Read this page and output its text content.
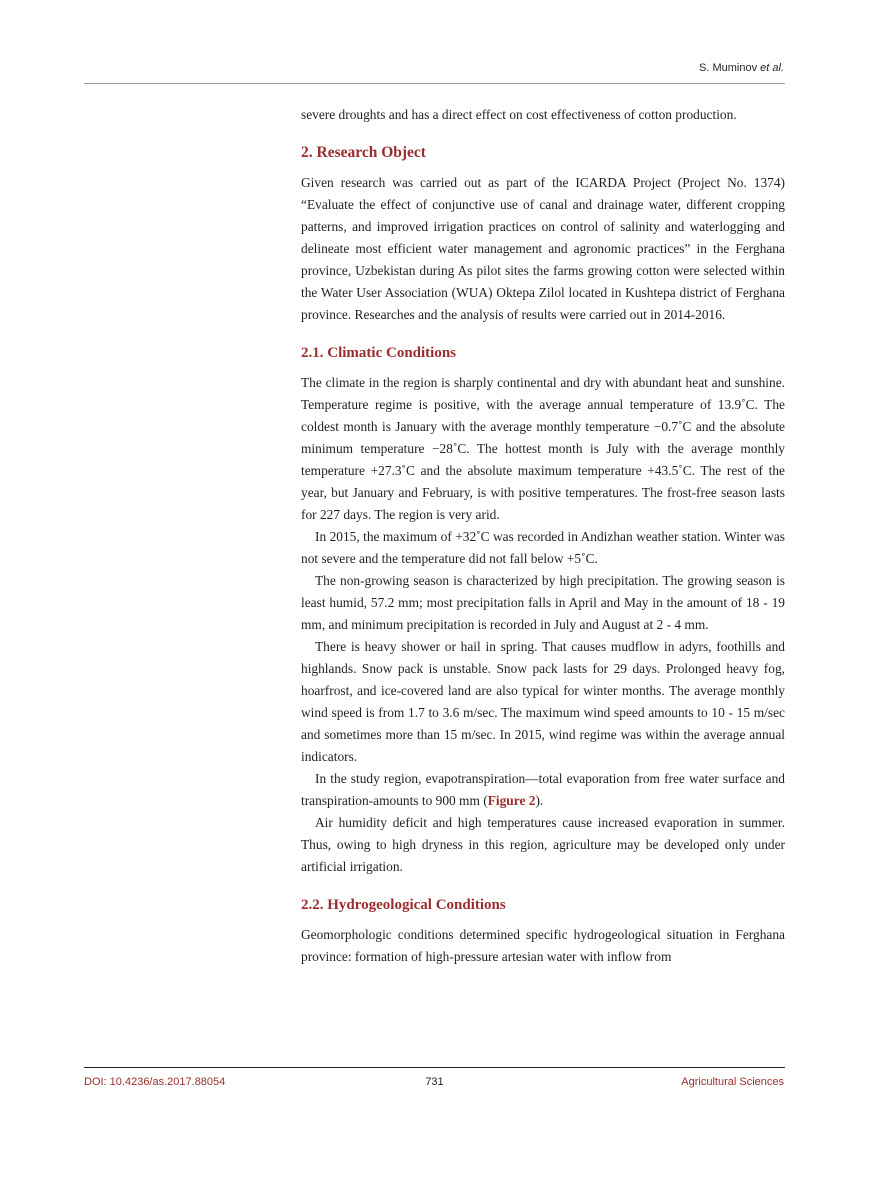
S. Muminov et al.

severe droughts and has a direct effect on cost effectiveness of cotton production.

2. Research Object

Given research was carried out as part of the ICARDA Project (Project No. 1374) “Evaluate the effect of conjunctive use of canal and drainage water, different cropping patterns, and improved irrigation practices on control of salinity and waterlogging and delineate most efficient water management and agronomic practices” in the Ferghana province, Uzbekistan during As pilot sites the farms growing cotton were selected within the Water User Association (WUA) Oktepa Zilol located in Kushtepa district of Ferghana province. Researches and the analysis of results were carried out in 2014-2016.

2.1. Climatic Conditions

The climate in the region is sharply continental and dry with abundant heat and sunshine. Temperature regime is positive, with the average annual temperature of 13.9˚C. The coldest month is January with the average monthly temperature −0.7˚C and the absolute minimum temperature −28˚C. The hottest month is July with the average monthly temperature +27.3˚C and the absolute maximum temperature +43.5˚C. The rest of the year, but January and February, is with positive temperatures. The frost-free season lasts for 227 days. The region is very arid.

In 2015, the maximum of +32˚C was recorded in Andizhan weather station. Winter was not severe and the temperature did not fall below +5˚C.

The non-growing season is characterized by high precipitation. The growing season is least humid, 57.2 mm; most precipitation falls in April and May in the amount of 18 - 19 mm, and minimum precipitation is recorded in July and August at 2 - 4 mm.

There is heavy shower or hail in spring. That causes mudflow in adyrs, foothills and highlands. Snow pack is unstable. Snow pack lasts for 29 days. Prolonged heavy fog, hoarfrost, and ice-covered land are also typical for winter months. The average monthly wind speed is from 1.7 to 3.6 m/sec. The maximum wind speed amounts to 10 - 15 m/sec and sometimes more than 15 m/sec. In 2015, wind regime was within the average annual indicators.

In the study region, evapotranspiration—total evaporation from free water surface and transpiration-amounts to 900 mm (Figure 2).

Air humidity deficit and high temperatures cause increased evaporation in summer. Thus, owing to high dryness in this region, agriculture may be developed only under artificial irrigation.

2.2. Hydrogeological Conditions

Geomorphologic conditions determined specific hydrogeological situation in Ferghana province: formation of high-pressure artesian water with inflow from

DOI: 10.4236/as.2017.88054	731	Agricultural Sciences
